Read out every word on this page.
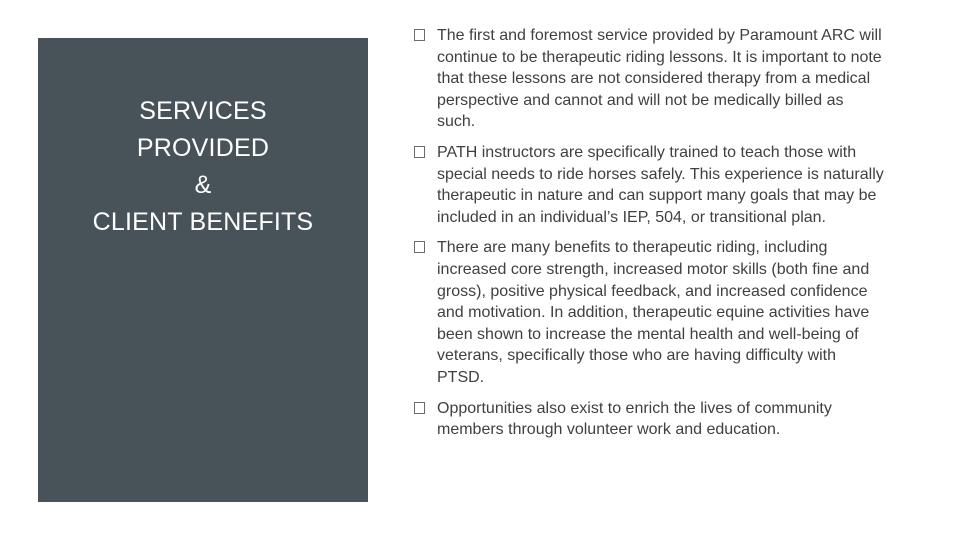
SERVICES
PROVIDED
&
CLIENT BENEFITS
The first and foremost service provided by Paramount ARC will continue to be therapeutic riding lessons. It is important to note that these lessons are not considered therapy from a medical perspective and cannot and will not be medically billed as such.
PATH instructors are specifically trained to teach those with special needs to ride horses safely. This experience is naturally therapeutic in nature and can support many goals that may be included in an individual’s IEP, 504, or transitional plan.
There are many benefits to therapeutic riding, including increased core strength, increased motor skills (both fine and gross), positive physical feedback, and increased confidence and motivation. In addition, therapeutic equine activities have been shown to increase the mental health and well-being of veterans, specifically those who are having difficulty with PTSD.
Opportunities also exist to enrich the lives of community members through volunteer work and education.
